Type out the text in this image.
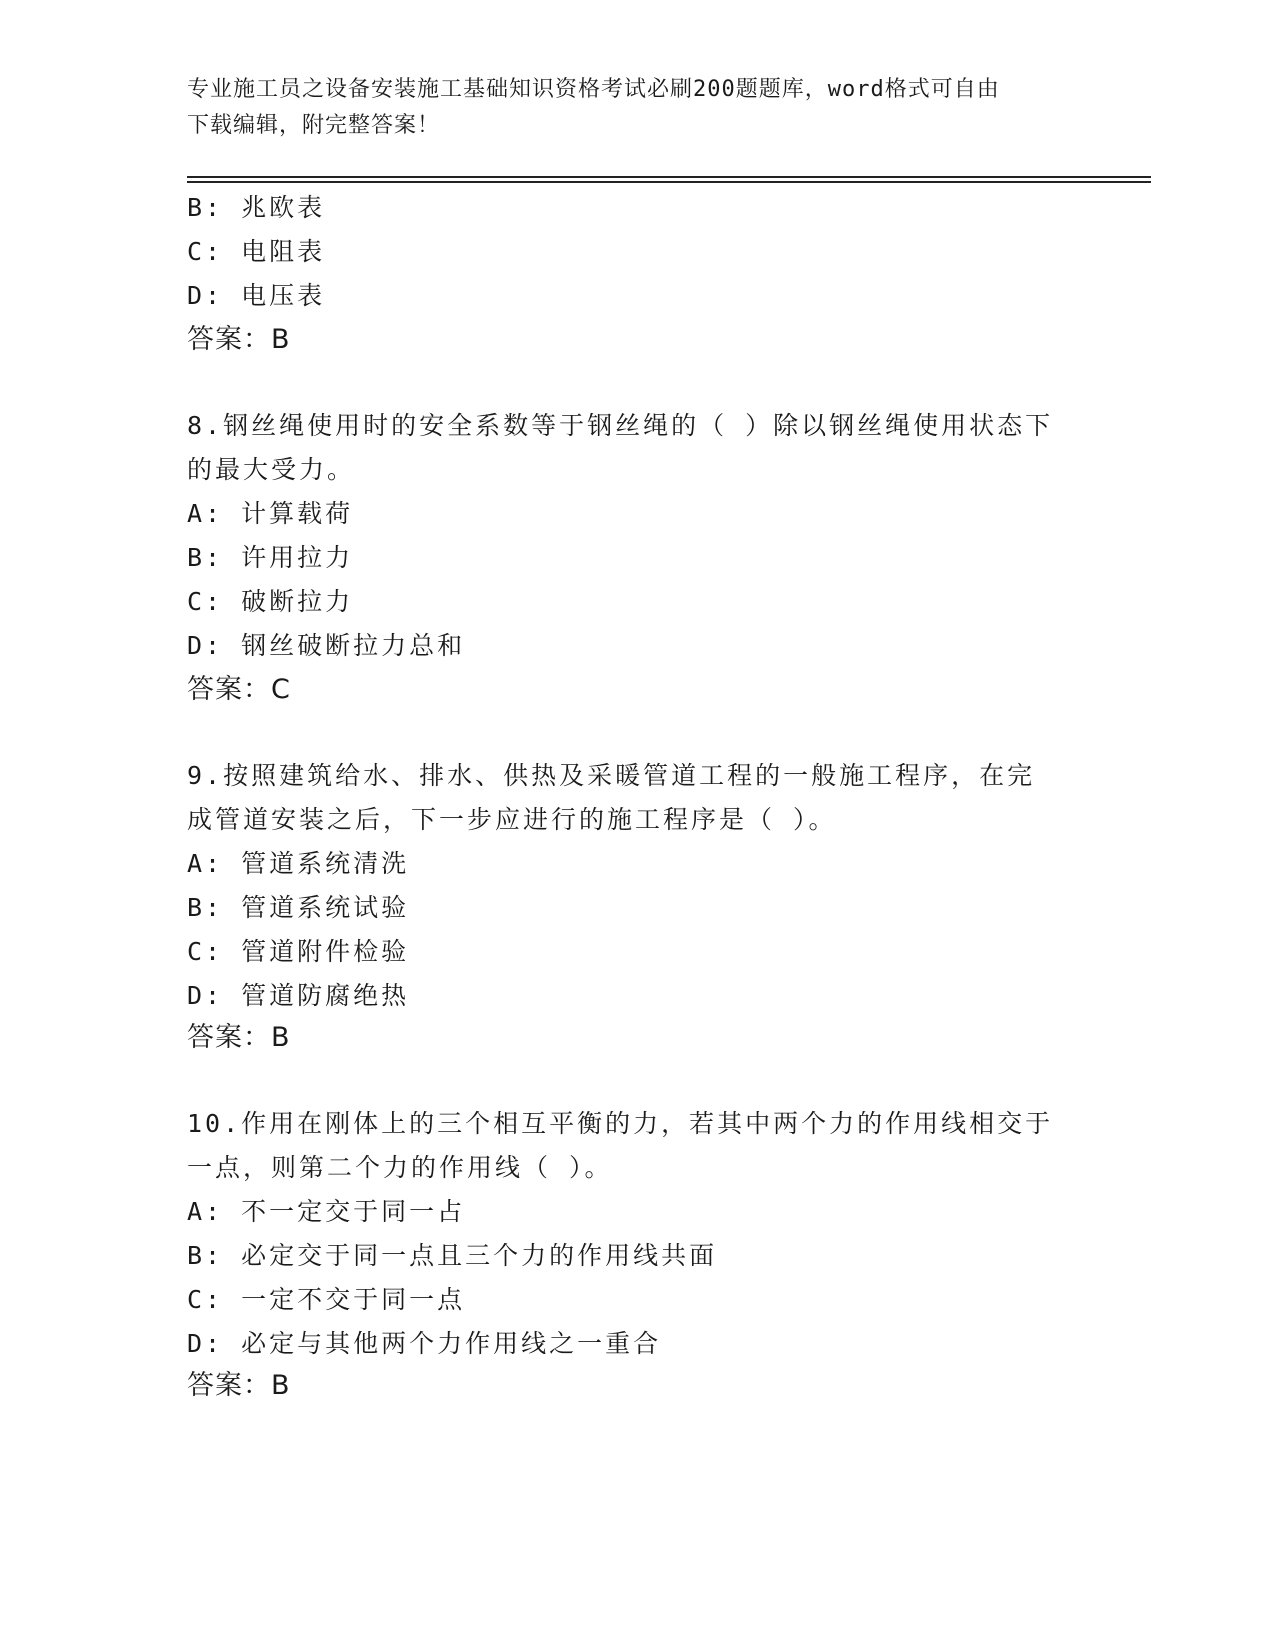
专业施工员之设备安装施工基础知识资格考试必刷200题题库，word格式可自由
下载编辑，附完整答案！
B: 兆欧表
C: 电阻表
D: 电压表
答案：B
8.钢丝绳使用时的安全系数等于钢丝绳的（ ）除以钢丝绳使用状态下
的最大受力。
A: 计算载荷
B: 许用拉力
C: 破断拉力
D: 钢丝破断拉力总和
答案：C
9.按照建筑给水、排水、供热及采暖管道工程的一般施工程序，在完
成管道安装之后，下一步应进行的施工程序是（ ）。
A: 管道系统清洗
B: 管道系统试验
C: 管道附件检验
D: 管道防腐绝热
答案：B
10.作用在刚体上的三个相互平衡的力，若其中两个力的作用线相交于
一点，则第二个力的作用线（ ）。
A: 不一定交于同一占
B: 必定交于同一点且三个力的作用线共面
C: 一定不交于同一点
D: 必定与其他两个力作用线之一重合
答案：B
